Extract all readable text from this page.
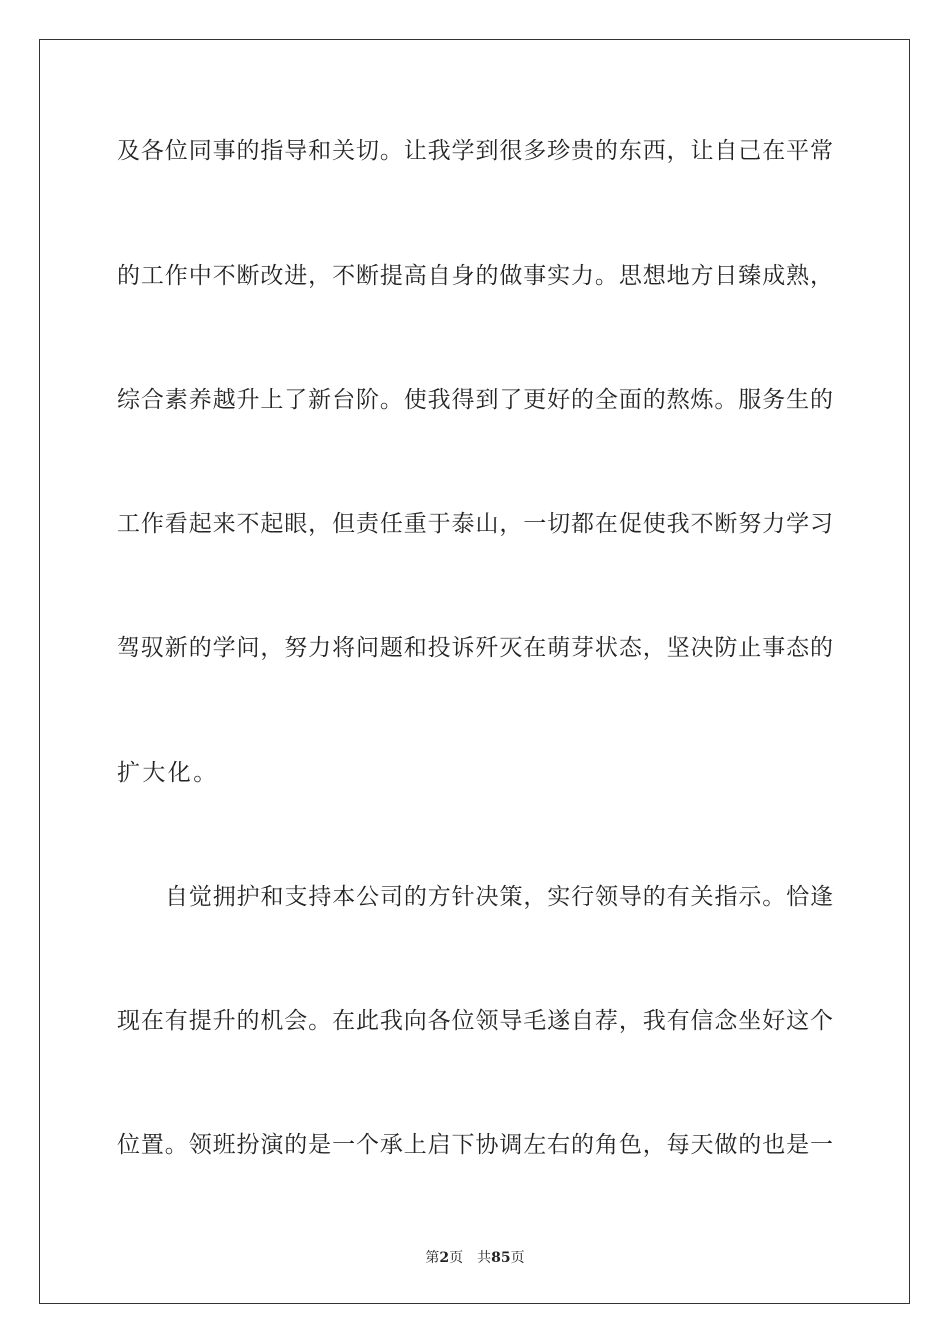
及各位同事的指导和关切。让我学到很多珍贵的东西，让自己在平常
的工作中不断改进，不断提高自身的做事实力。思想地方日臻成熟，
综合素养越升上了新台阶。使我得到了更好的全面的熬炼。服务生的
工作看起来不起眼，但责任重于泰山，一切都在促使我不断努力学习
驾驭新的学问，努力将问题和投诉歼灭在萌芽状态，坚决防止事态的
扩大化。
自觉拥护和支持本公司的方针决策，实行领导的有关指示。恰逢
现在有提升的机会。在此我向各位领导毛遂自荐，我有信念坐好这个
位置。领班扮演的是一个承上启下协调左右的角色，每天做的也是一
第2页 共85页
